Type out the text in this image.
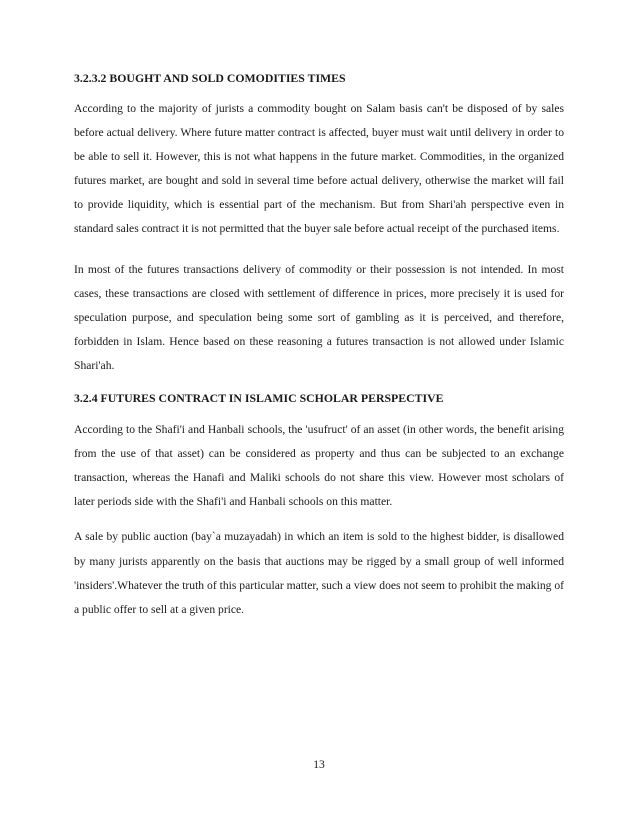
3.2.3.2 BOUGHT AND SOLD COMODITIES TIMES

According to the majority of jurists a commodity bought on Salam basis can't be disposed of by sales before actual delivery. Where future matter contract is affected, buyer must wait until delivery in order to be able to sell it. However, this is not what happens in the future market. Commodities, in the organized futures market, are bought and sold in several time before actual delivery, otherwise the market will fail to provide liquidity, which is essential part of the mechanism. But from Shari'ah perspective even in standard sales contract it is not permitted that the buyer sale before actual receipt of the purchased items.

In most of the futures transactions delivery of commodity or their possession is not intended. In most cases, these transactions are closed with settlement of difference in prices, more precisely it is used for speculation purpose, and speculation being some sort of gambling as it is perceived, and therefore, forbidden in Islam. Hence based on these reasoning a futures transaction is not allowed under Islamic Shari'ah.

3.2.4 FUTURES CONTRACT IN ISLAMIC SCHOLAR PERSPECTIVE

According to the Shafi'i and Hanbali schools, the 'usufruct' of an asset (in other words, the benefit arising from the use of that asset) can be considered as property and thus can be subjected to an exchange transaction, whereas the Hanafi and Maliki schools do not share this view. However most scholars of later periods side with the Shafi'i and Hanbali schools on this matter.

A sale by public auction (bay`a muzayadah) in which an item is sold to the highest bidder, is disallowed by many jurists apparently on the basis that auctions may be rigged by a small group of well informed 'insiders'.Whatever the truth of this particular matter, such a view does not seem to prohibit the making of a public offer to sell at a given price.

13
